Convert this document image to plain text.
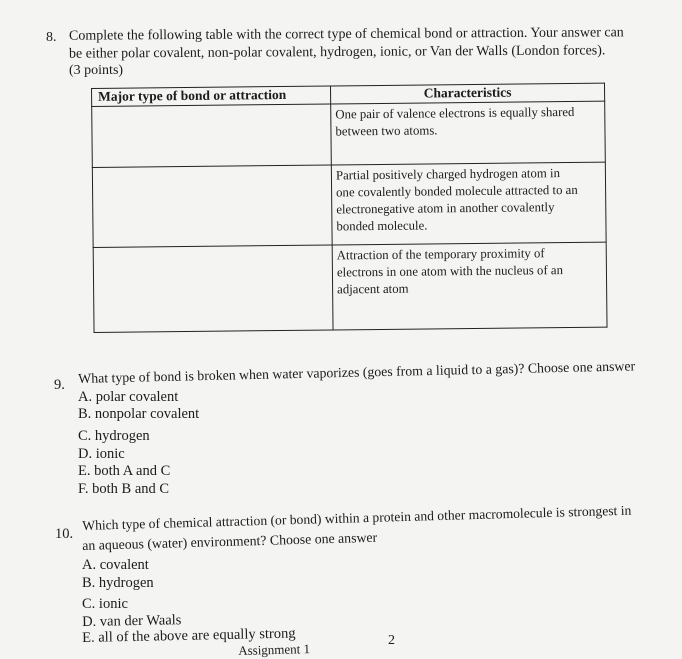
8. Complete the following table with the correct type of chemical bond or attraction. Your answer can
be either polar covalent, non-polar covalent, hydrogen, ionic, or Van der Walls (London forces).
(3 points)
Major type of bond or attraction	Characteristics

	One pair of valence electrons is equally shared
between two atoms.

	Partial positively charged hydrogen atom in
one covalently bonded molecule attracted to an
electronegative atom in another covalently
bonded molecule.

	Attraction of the temporary proximity of
electrons in one atom with the nucleus of an
adjacent atom
9. What type of bond is broken when water vaporizes (goes from a liquid to a gas)? Choose one answer
A. polar covalent
B. nonpolar covalent
C. hydrogen
D. ionic
E. both A and C
F. both B and C
10.
Which type of chemical attraction (or bond) within a protein and other macromolecule is strongest in
an aqueous (water) environment? Choose one answer
A. covalent
B. hydrogen
C. ionic
D. van der Waals
E. all of the above are equally strong
Assignment 1
2
